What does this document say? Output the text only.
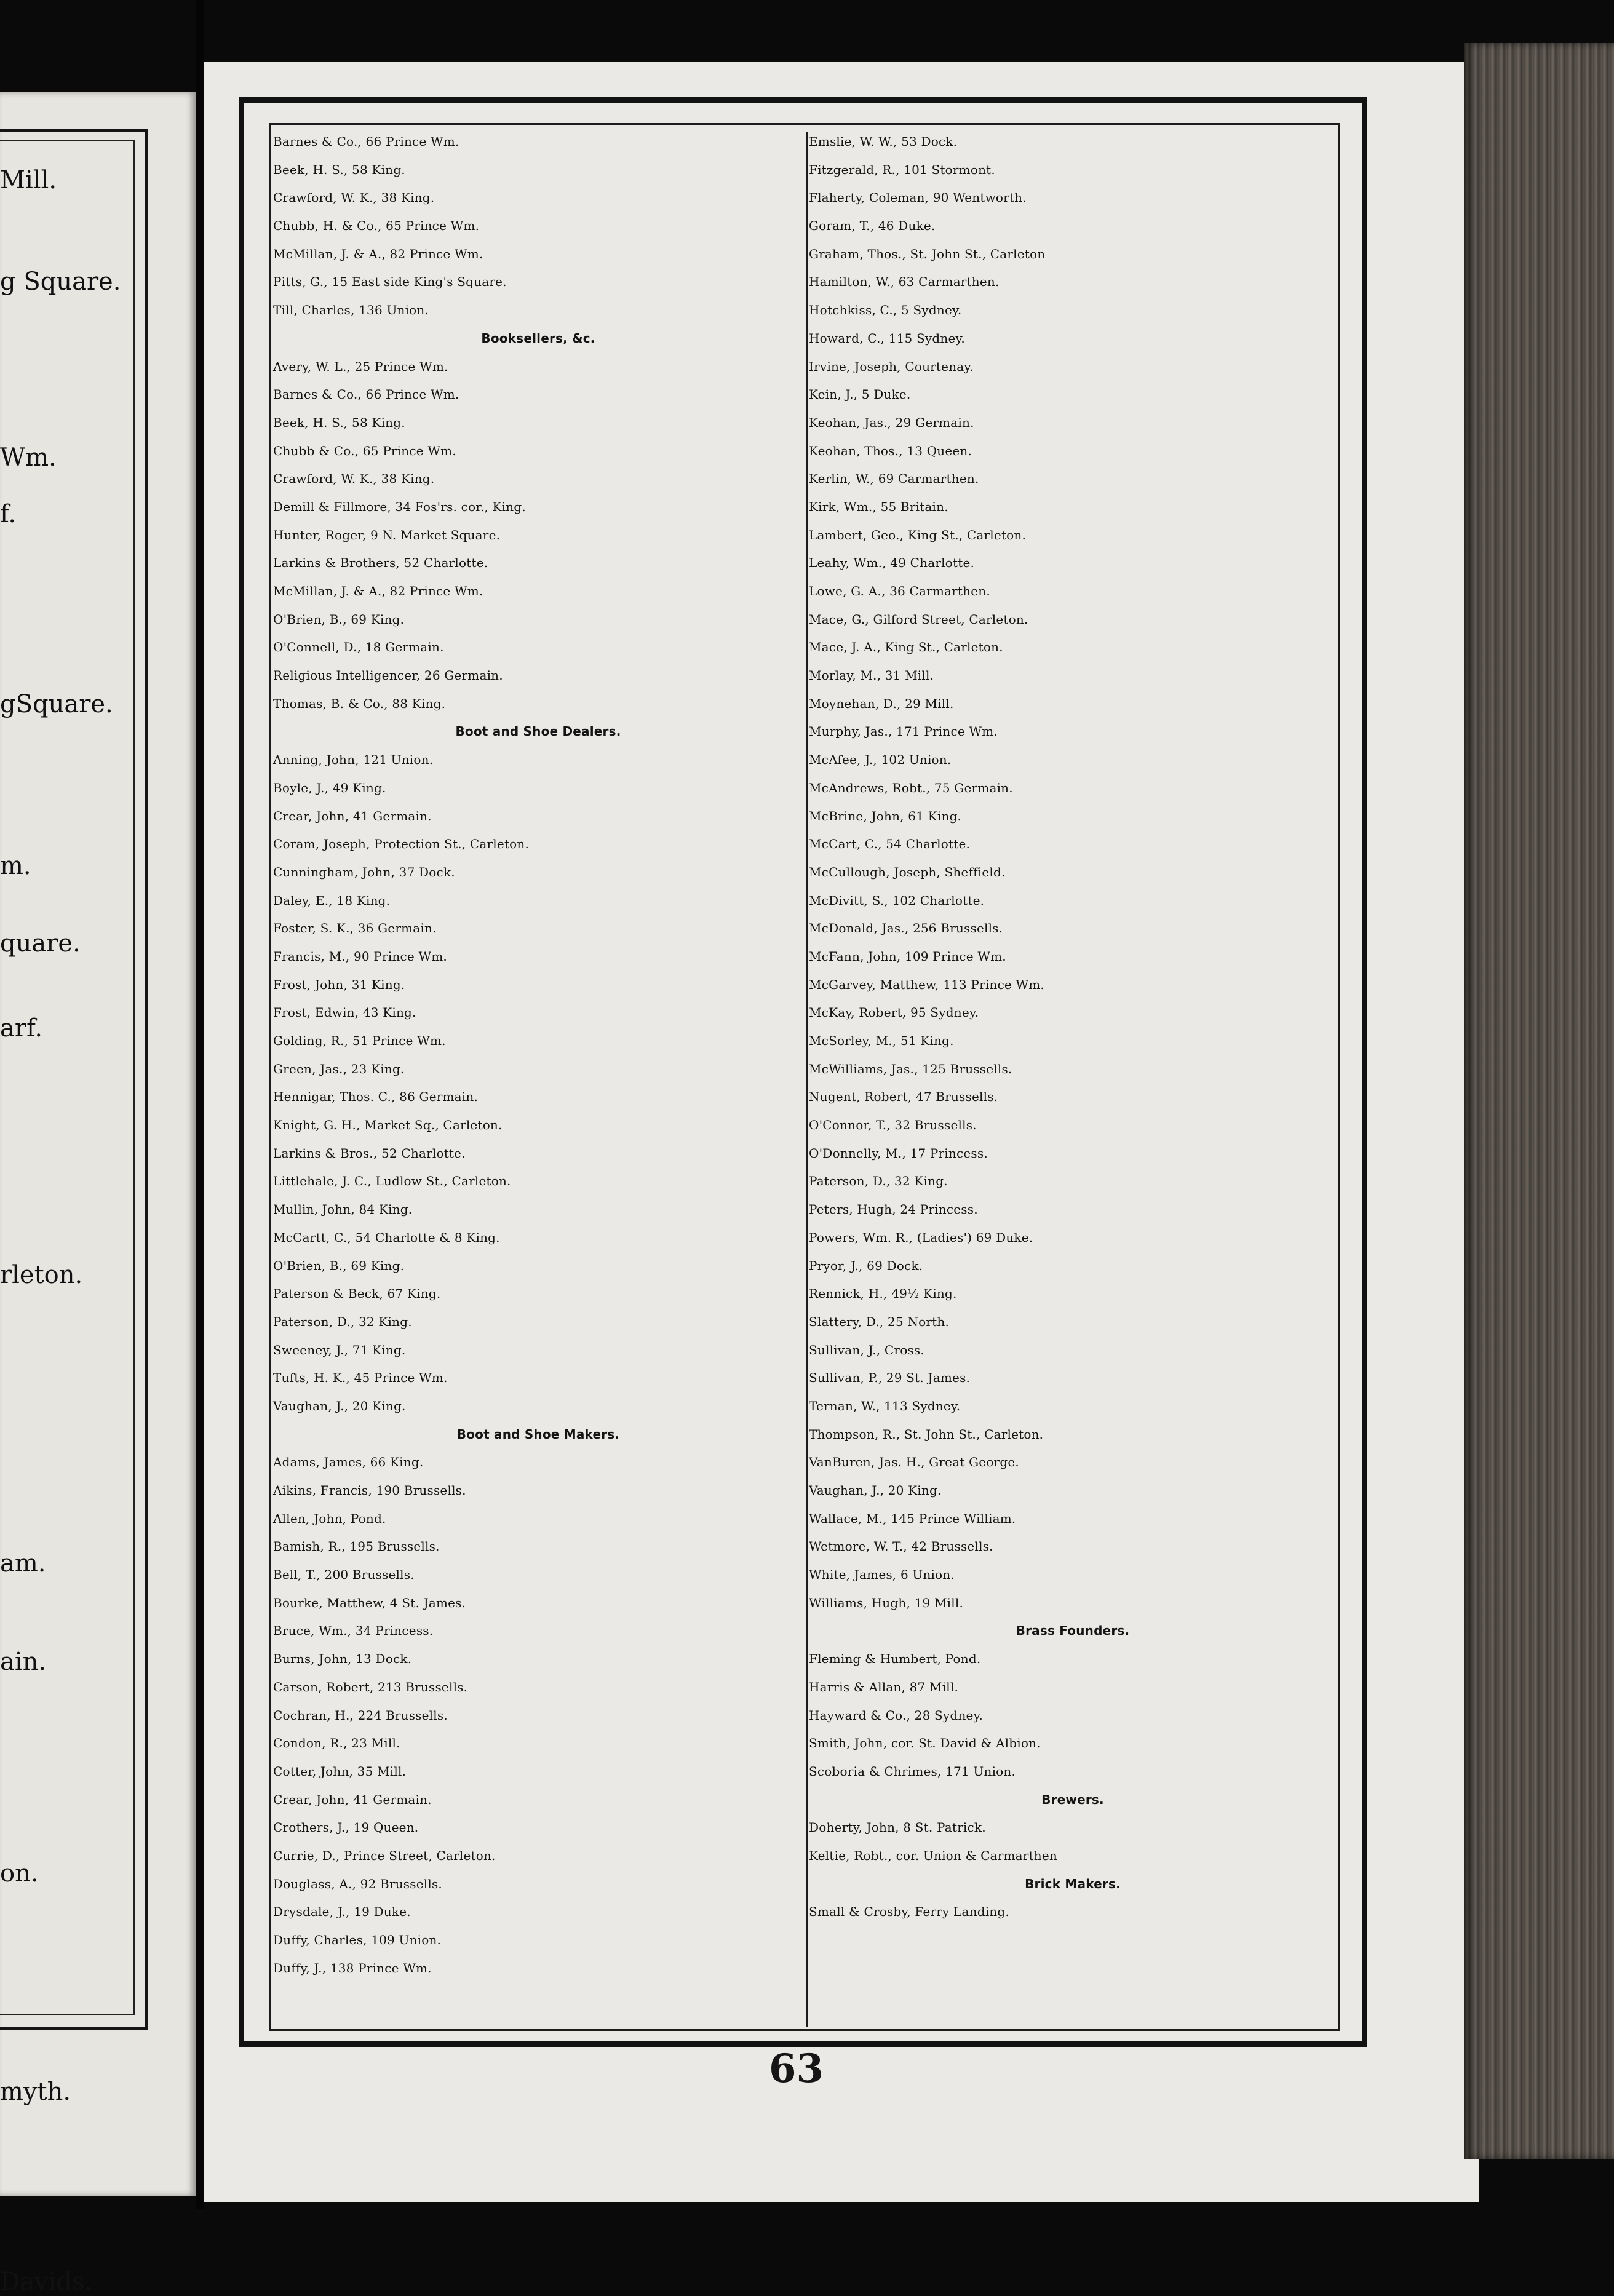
Mill.
g Square.
Wm.
f.
gSquare.
m.
quare.
arf.
rleton.
am.
ain.
on.
myth.
Davids.
Barnes & Co., 66 Prince Wm.
Beek, H. S., 58 King.
Crawford, W. K., 38 King.
Chubb, H. & Co., 65 Prince Wm.
McMillan, J. & A., 82 Prince Wm.
Pitts, G., 15 East side King's Square.
Till, Charles, 136 Union.
Booksellers, &c.
Avery, W. L., 25 Prince Wm.
Barnes & Co., 66 Prince Wm.
Beek, H. S., 58 King.
Chubb & Co., 65 Prince Wm.
Crawford, W. K., 38 King.
Demill & Fillmore, 34 Fos'rs. cor., King.
Hunter, Roger, 9 N. Market Square.
Larkins & Brothers, 52 Charlotte.
McMillan, J. & A., 82 Prince Wm.
O'Brien, B., 69 King.
O'Connell, D., 18 Germain.
Religious Intelligencer, 26 Germain.
Thomas, B. & Co., 88 King.
Boot and Shoe Dealers.
Anning, John, 121 Union.
Boyle, J., 49 King.
Crear, John, 41 Germain.
Coram, Joseph, Protection St., Carleton.
Cunningham, John, 37 Dock.
Daley, E., 18 King.
Foster, S. K., 36 Germain.
Francis, M., 90 Prince Wm.
Frost, John, 31 King.
Frost, Edwin, 43 King.
Golding, R., 51 Prince Wm.
Green, Jas., 23 King.
Hennigar, Thos. C., 86 Germain.
Knight, G. H., Market Sq., Carleton.
Larkins & Bros., 52 Charlotte.
Littlehale, J. C., Ludlow St., Carleton.
Mullin, John, 84 King.
McCartt, C., 54 Charlotte & 8 King.
O'Brien, B., 69 King.
Paterson & Beck, 67 King.
Paterson, D., 32 King.
Sweeney, J., 71 King.
Tufts, H. K., 45 Prince Wm.
Vaughan, J., 20 King.
Boot and Shoe Makers.
Adams, James, 66 King.
Aikins, Francis, 190 Brussells.
Allen, John, Pond.
Bamish, R., 195 Brussells.
Bell, T., 200 Brussells.
Bourke, Matthew, 4 St. James.
Bruce, Wm., 34 Princess.
Burns, John, 13 Dock.
Carson, Robert, 213 Brussells.
Cochran, H., 224 Brussells.
Condon, R., 23 Mill.
Cotter, John, 35 Mill.
Crear, John, 41 Germain.
Crothers, J., 19 Queen.
Currie, D., Prince Street, Carleton.
Douglass, A., 92 Brussells.
Drysdale, J., 19 Duke.
Duffy, Charles, 109 Union.
Duffy, J., 138 Prince Wm.
Emslie, W. W., 53 Dock.
Fitzgerald, R., 101 Stormont.
Flaherty, Coleman, 90 Wentworth.
Goram, T., 46 Duke.
Graham, Thos., St. John St., Carleton
Hamilton, W., 63 Carmarthen.
Hotchkiss, C., 5 Sydney.
Howard, C., 115 Sydney.
Irvine, Joseph, Courtenay.
Kein, J., 5 Duke.
Keohan, Jas., 29 Germain.
Keohan, Thos., 13 Queen.
Kerlin, W., 69 Carmarthen.
Kirk, Wm., 55 Britain.
Lambert, Geo., King St., Carleton.
Leahy, Wm., 49 Charlotte.
Lowe, G. A., 36 Carmarthen.
Mace, G., Gilford Street, Carleton.
Mace, J. A., King St., Carleton.
Morlay, M., 31 Mill.
Moynehan, D., 29 Mill.
Murphy, Jas., 171 Prince Wm.
McAfee, J., 102 Union.
McAndrews, Robt., 75 Germain.
McBrine, John, 61 King.
McCart, C., 54 Charlotte.
McCullough, Joseph, Sheffield.
McDivitt, S., 102 Charlotte.
McDonald, Jas., 256 Brussells.
McFann, John, 109 Prince Wm.
McGarvey, Matthew, 113 Prince Wm.
McKay, Robert, 95 Sydney.
McSorley, M., 51 King.
McWilliams, Jas., 125 Brussells.
Nugent, Robert, 47 Brussells.
O'Connor, T., 32 Brussells.
O'Donnelly, M., 17 Princess.
Paterson, D., 32 King.
Peters, Hugh, 24 Princess.
Powers, Wm. R., (Ladies') 69 Duke.
Pryor, J., 69 Dock.
Rennick, H., 49½ King.
Slattery, D., 25 North.
Sullivan, J., Cross.
Sullivan, P., 29 St. James.
Ternan, W., 113 Sydney.
Thompson, R., St. John St., Carleton.
VanBuren, Jas. H., Great George.
Vaughan, J., 20 King.
Wallace, M., 145 Prince William.
Wetmore, W. T., 42 Brussells.
White, James, 6 Union.
Williams, Hugh, 19 Mill.
Brass Founders.
Fleming & Humbert, Pond.
Harris & Allan, 87 Mill.
Hayward & Co., 28 Sydney.
Smith, John, cor. St. David & Albion.
Scoboria & Chrimes, 171 Union.
Brewers.
Doherty, John, 8 St. Patrick.
Keltie, Robt., cor. Union & Carmarthen
Brick Makers.
Small & Crosby, Ferry Landing.
63
